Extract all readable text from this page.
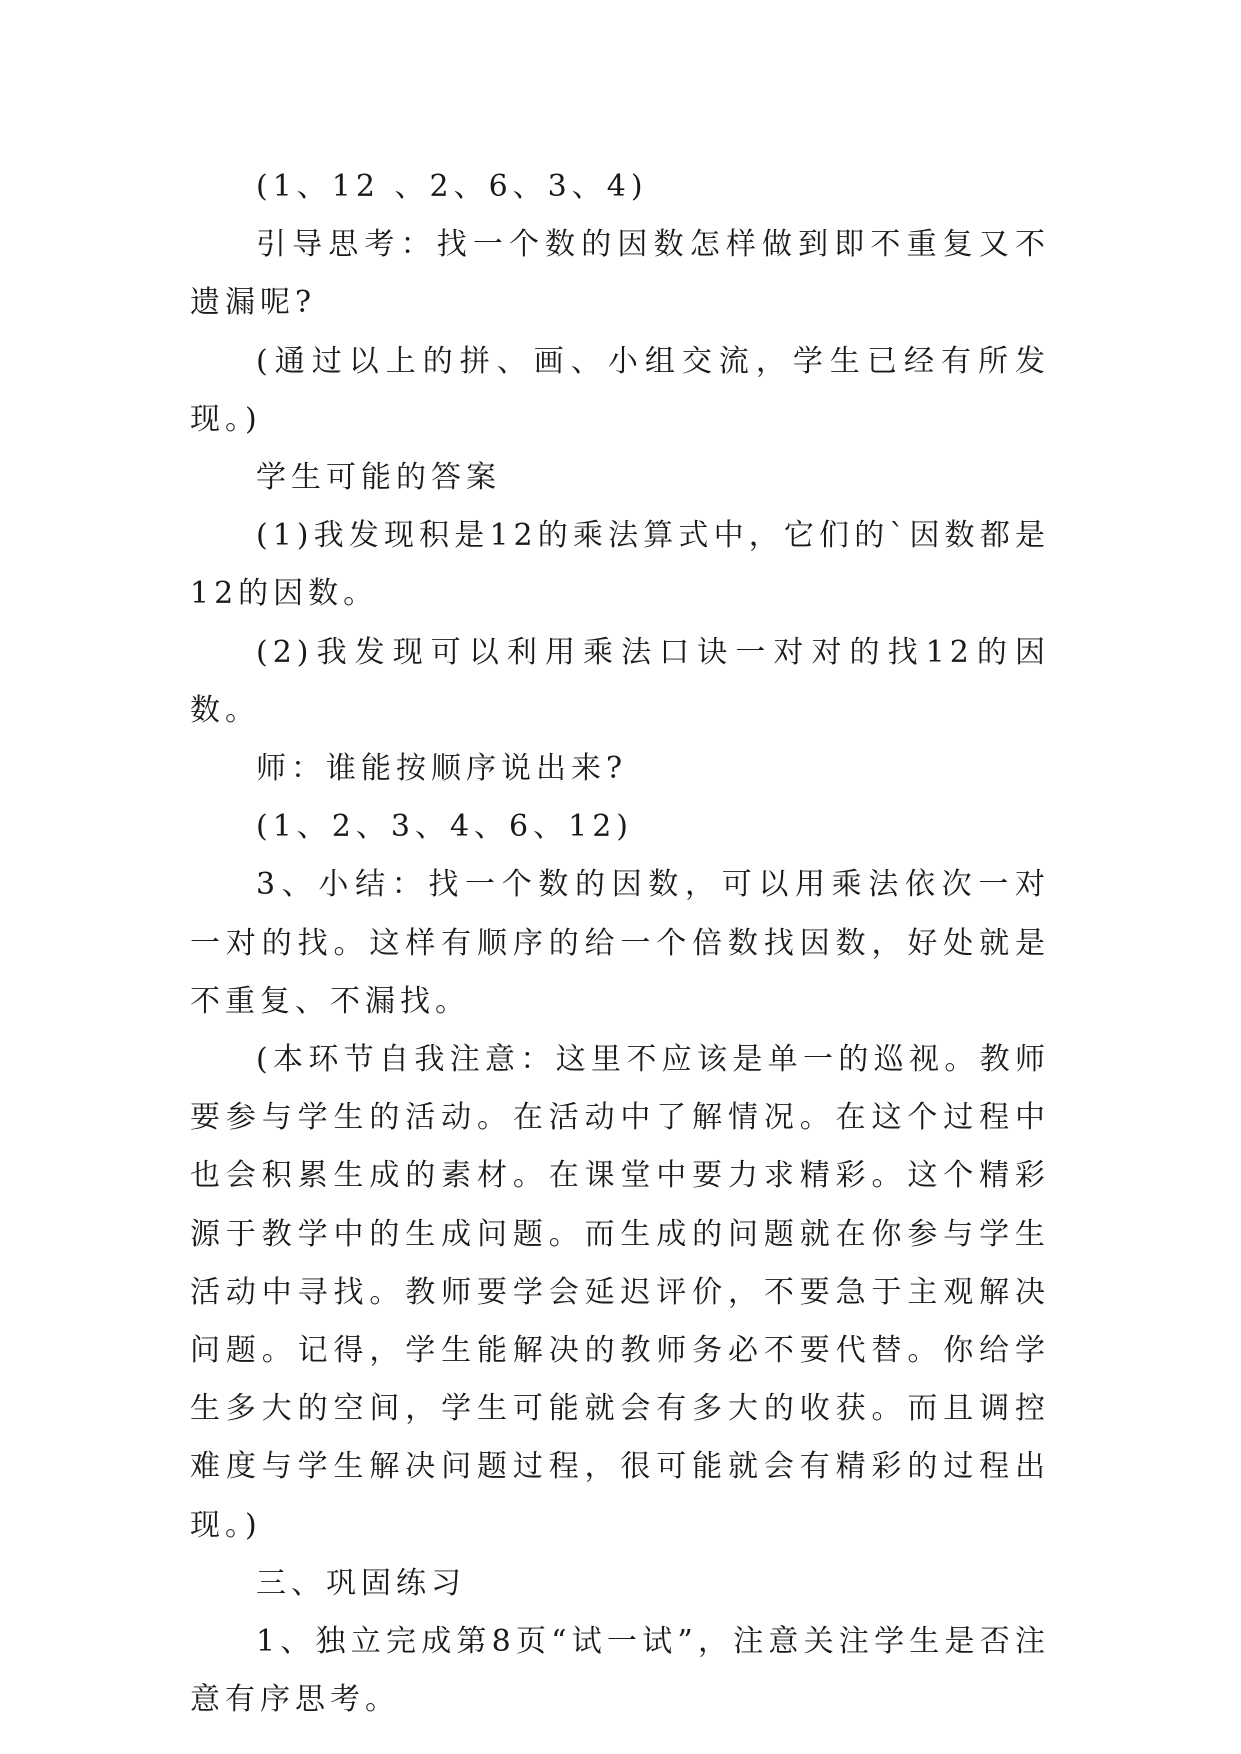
(1、12 、2、6、3、4)

引导思考：找一个数的因数怎样做到即不重复又不遗漏呢?

(通过以上的拼、画、小组交流，学生已经有所发现。)

学生可能的答案

(1)我发现积是12的乘法算式中，它们的`因数都是12的因数。

(2)我发现可以利用乘法口诀一对对的找12的因数。

师：谁能按顺序说出来?

(1、2、3、4、6、12)

3、小结：找一个数的因数，可以用乘法依次一对一对的找。这样有顺序的给一个倍数找因数，好处就是不重复、不漏找。

(本环节自我注意：这里不应该是单一的巡视。教师要参与学生的活动。在活动中了解情况。在这个过程中也会积累生成的素材。在课堂中要力求精彩。这个精彩源于教学中的生成问题。而生成的问题就在你参与学生活动中寻找。教师要学会延迟评价，不要急于主观解决问题。记得，学生能解决的教师务必不要代替。你给学生多大的空间，学生可能就会有多大的收获。而且调控难度与学生解决问题过程，很可能就会有精彩的过程出现。)

三、巩固练习

1、独立完成第8页“试一试”，注意关注学生是否注意有序思考。
